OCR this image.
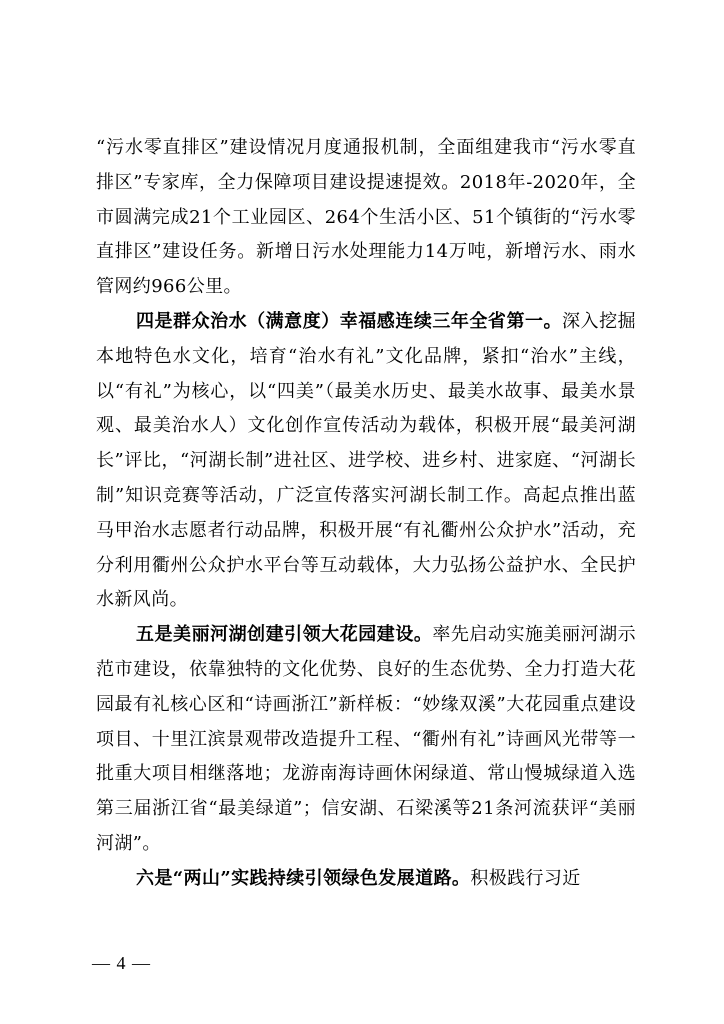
“污水零直排区”建设情况月度通报机制，全面组建我市“污水零直排区”专家库，全力保障项目建设提速提效。2018年-2020年，全市圆满完成21个工业园区、264个生活小区、51个镇街的“污水零直排区”建设任务。新增日污水处理能力14万吨，新增污水、雨水管网约966公里。

四是群众治水（满意度）幸福感连续三年全省第一。深入挖掘本地特色水文化，培育“治水有礼”文化品牌，紧扣“治水”主线，以“有礼”为核心，以“四美”（最美水历史、最美水故事、最美水景观、最美治水人）文化创作宣传活动为载体，积极开展“最美河湖长”评比，“河湖长制”进社区、进学校、进乡村、进家庭、“河湖长制”知识竞赛等活动，广泛宣传落实河湖长制工作。高起点推出蓝马甲治水志愿者行动品牌，积极开展“有礼衢州公众护水”活动，充分利用衢州公众护水平台等互动载体，大力弘扬公益护水、全民护水新风尚。

五是美丽河湖创建引领大花园建设。率先启动实施美丽河湖示范市建设，依靠独特的文化优势、良好的生态优势、全力打造大花园最有礼核心区和“诗画浙江”新样板：“妙缘双溪”大花园重点建设项目、十里江滨景观带改造提升工程、“衢州有礼”诗画风光带等一批重大项目相继落地；龙游南海诗画休闲绿道、常山慢城绿道入选第三届浙江省“最美绿道”；信安湖、石梁溪等21条河流获评“美丽河湖”。

六是“两山”实践持续引领绿色发展道路。积极践行习近

— 4 —
